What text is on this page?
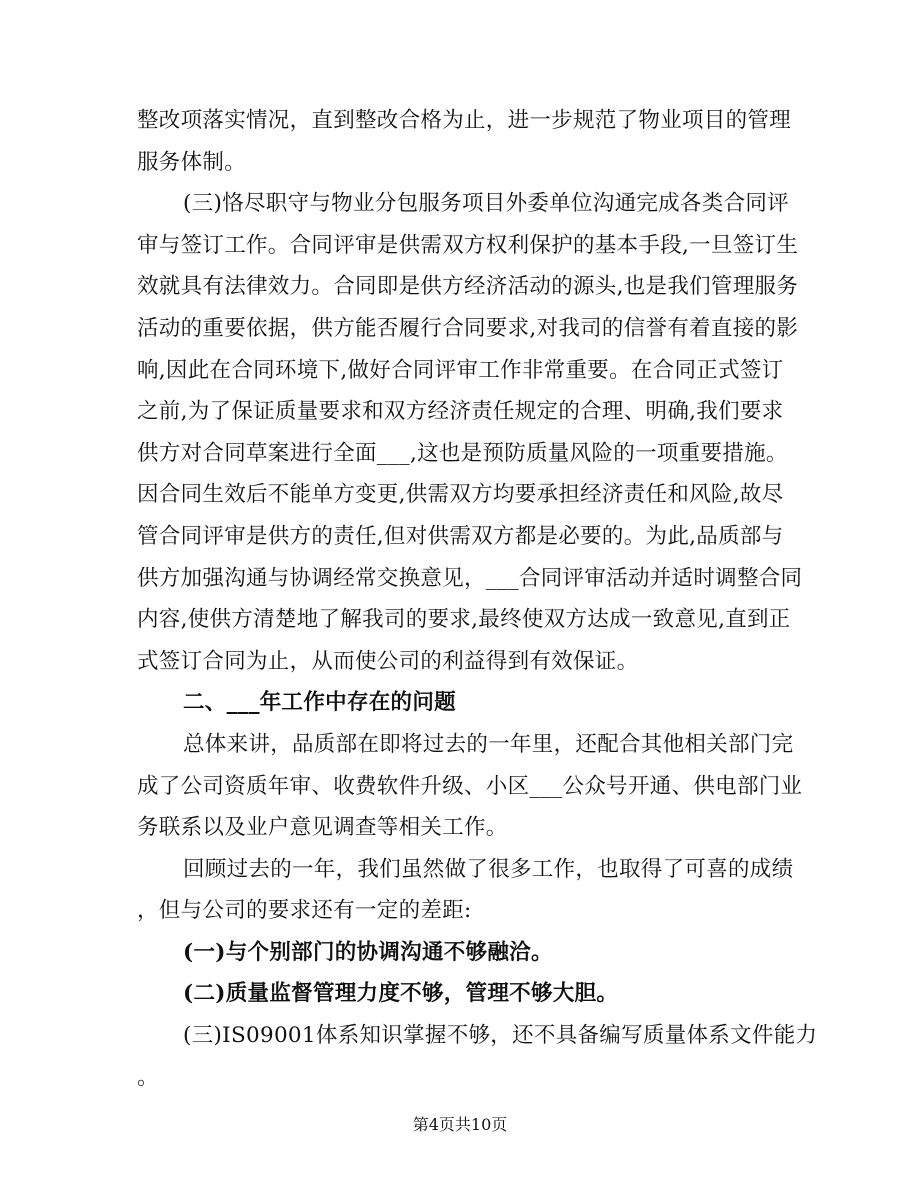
整改项落实情况，直到整改合格为止，进一步规范了物业项目的管理
服务体制。
(三)恪尽职守与物业分包服务项目外委单位沟通完成各类合同评
审与签订工作。合同评审是供需双方权利保护的基本手段,一旦签订生
效就具有法律效力。合同即是供方经济活动的源头,也是我们管理服务
活动的重要依据，供方能否履行合同要求,对我司的信誉有着直接的影
响,因此在合同环境下,做好合同评审工作非常重要。在合同正式签订
之前,为了保证质量要求和双方经济责任规定的合理、明确,我们要求
供方对合同草案进行全面___,这也是预防质量风险的一项重要措施。
因合同生效后不能单方变更,供需双方均要承担经济责任和风险,故尽
管合同评审是供方的责任,但对供需双方都是必要的。为此,品质部与
供方加强沟通与协调经常交换意见，___合同评审活动并适时调整合同
内容,使供方清楚地了解我司的要求,最终使双方达成一致意见,直到正
式签订合同为止，从而使公司的利益得到有效保证。
二、___年工作中存在的问题
总体来讲，品质部在即将过去的一年里，还配合其他相关部门完
成了公司资质年审、收费软件升级、小区___公众号开通、供电部门业
务联系以及业户意见调查等相关工作。
回顾过去的一年，我们虽然做了很多工作，也取得了可喜的成绩
，但与公司的要求还有一定的差距:
(一)与个别部门的协调沟通不够融洽。
(二)质量监督管理力度不够，管理不够大胆。
(三)IS09001体系知识掌握不够，还不具备编写质量体系文件能力
。
第4页共10页
